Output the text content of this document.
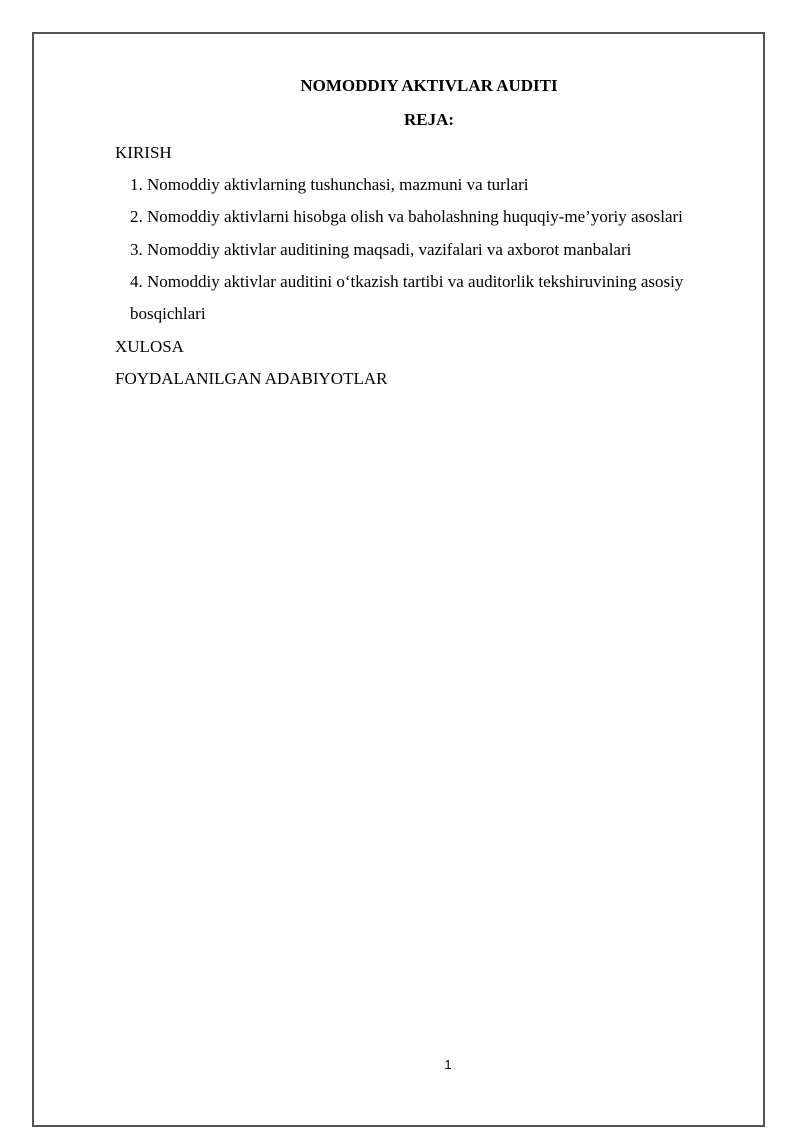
NOMODDIY AKTIVLAR AUDITI
REJA:

KIRISH

1. Nomoddiy aktivlarning tushunchasi, mazmuni va turlari

2. Nomoddiy aktivlarni hisobga olish va baholashning huquqiy-me’yoriy asoslari

3. Nomoddiy aktivlar auditining maqsadi, vazifalari va axborot manbalari

4. Nomoddiy aktivlar auditini o‘tkazish tartibi va auditorlik tekshiruvining asosiy

bosqichlari

XULOSA

FOYDALANILGAN ADABIYOTLAR

1
